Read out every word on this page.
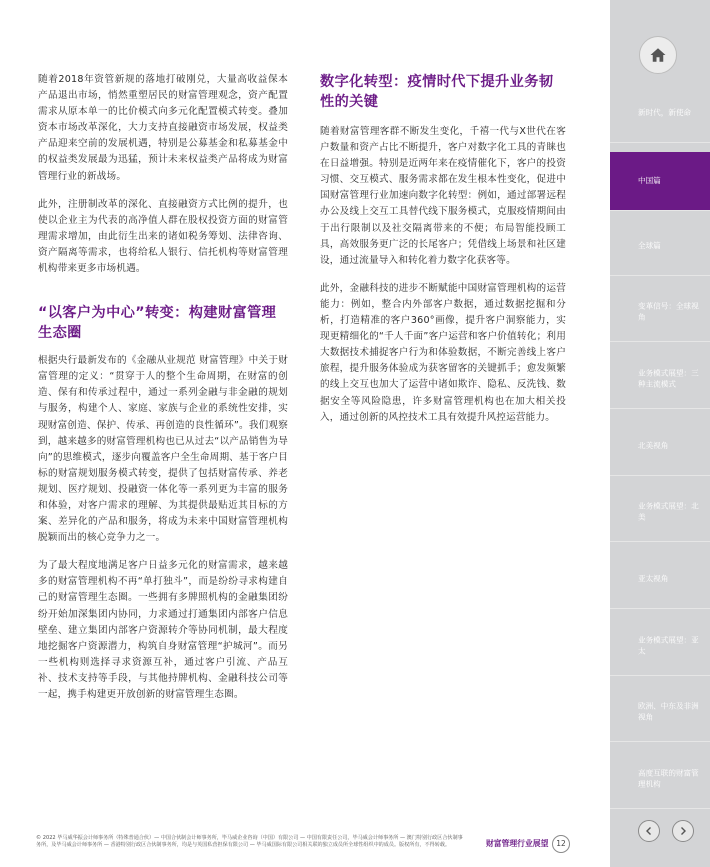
随着2018年资管新规的落地打破刚兑，大量高收益保本产品退出市场，悄然重塑居民的财富管理观念，资产配置需求从原本单一的比价模式向多元化配置模式转变。叠加资本市场改革深化，大力支持直接融资市场发展，权益类产品迎来空前的发展机遇，特别是公募基金和私募基金中的权益类发展最为迅猛，预计未来权益类产品将成为财富管理行业的新战场。

此外，注册制改革的深化、直接融资方式比例的提升，也使以企业主为代表的高净值人群在股权投资方面的财富管理需求增加，由此衍生出来的诸如税务筹划、法律咨询、资产隔离等需求，也将给私人银行、信托机构等财富管理机构带来更多市场机遇。

“以客户为中心”转变：构建财富管理生态圈

根据央行最新发布的《金融从业规范 财富管理》中关于财富管理的定义：“贯穿于人的整个生命周期，在财富的创造、保有和传承过程中，通过一系列金融与非金融的规划与服务，构建个人、家庭、家族与企业的系统性安排，实现财富创造、保护、传承、再创造的良性循环”。我们观察到，越来越多的财富管理机构也已从过去“以产品销售为导向”的思维模式，逐步向覆盖客户全生命周期、基于客户目标的财富规划服务模式转变，提供了包括财富传承、养老规划、医疗规划、投融资一体化等一系列更为丰富的服务和体验，对客户需求的理解、为其提供最贴近其目标的方案、差异化的产品和服务，将成为未来中国财富管理机构脱颖而出的核心竞争力之一。

为了最大程度地满足客户日益多元化的财富需求，越来越多的财富管理机构不再“单打独斗”，而是纷纷寻求构建自己的财富管理生态圈。一些拥有多牌照机构的金融集团纷纷开始加深集团内协同，力求通过打通集团内部客户信息壁垒、建立集团内部客户资源转介等协同机制，最大程度地挖掘客户资源潜力，构筑自身财富管理“护城河”。而另一些机构则选择寻求资源互补，通过客户引流、产品互补、技术支持等手段，与其他持牌机构、金融科技公司等一起，携手构建更开放创新的财富管理生态圈。

数字化转型：疫情时代下提升业务韧性的关键

随着财富管理客群不断发生变化，千禧一代与X世代在客户数量和资产占比不断提升，客户对数字化工具的青睐也在日益增强。特别是近两年来在疫情催化下，客户的投资习惯、交互模式、服务需求都在发生根本性变化，促进中国财富管理行业加速向数字化转型：例如，通过部署远程办公及线上交互工具替代线下服务模式，克服疫情期间由于出行限制以及社交隔离带来的不便；布局智能投顾工具，高效服务更广泛的长尾客户；凭借线上场景和社区建设，通过流量导入和转化着力数字化获客等。

此外，金融科技的进步不断赋能中国财富管理机构的运营能力：例如，整合内外部客户数据，通过数据挖掘和分析，打造精准的客户360°画像，提升客户洞察能力，实现更精细化的“千人千面”客户运营和客户价值转化；利用大数据技术捕捉客户行为和体验数据，不断完善线上客户旅程，提升服务体验成为获客留客的关键抓手；愈发频繁的线上交互也加大了运营中诸如欺诈、隐私、反洗钱、数据安全等风险隐患，许多财富管理机构也在加大相关投入，通过创新的风控技术工具有效提升风控运营能力。

新时代，新使命
中国篇
全球篇
变革信号：全球视角
业务模式展望：三种主流模式
北美视角
业务模式展望：北美
亚太视角
业务模式展望：亚太
欧洲、中东及非洲视角
高度互联的财富管理机构
© 2022 毕马威华振会计师事务所（特殊普通合伙）— 中国合伙制会计师事务所，毕马威企业咨询（中国）有限公司 — 中国有限责任公司，毕马威会计师事务所 — 澳门特别行政区合伙制事务所，及毕马威会计师事务所 — 香港特别行政区合伙制事务所，均是与英国私营担保有限公司 — 毕马威国际有限公司相关联的独立成员所全球性组织中的成员。版权所有，不得转载。	财富管理行业展望	12
